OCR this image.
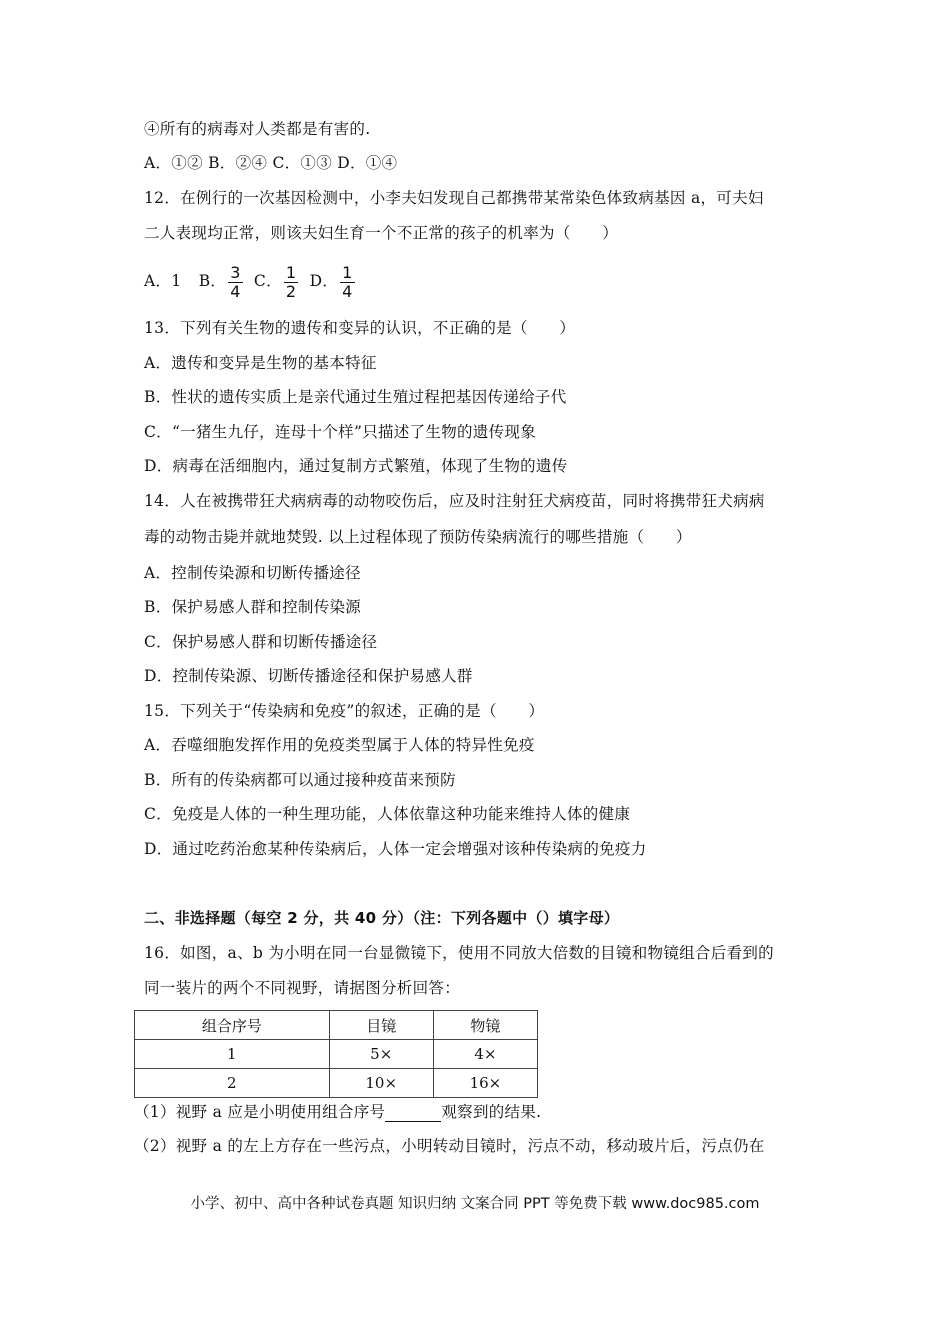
④所有的病毒对人类都是有害的.
A．①② B．②④ C．①③ D．①④
12．在例行的一次基因检测中，小李夫妇发现自己都携带某常染色体致病基因 a，可夫妇
二人表现均正常，则该夫妇生育一个不正常的孩子的机率为（　　）
A．1 B． $\frac{3}{4}$ C． $\frac{1}{2}$ D． $\frac{1}{4}$
13．下列有关生物的遗传和变异的认识，不正确的是（　　）
A．遗传和变异是生物的基本特征
B．性状的遗传实质上是亲代通过生殖过程把基因传递给子代
C．“一猪生九仔，连母十个样”只描述了生物的遗传现象
D．病毒在活细胞内，通过复制方式繁殖，体现了生物的遗传
14．人在被携带狂犬病病毒的动物咬伤后，应及时注射狂犬病疫苗，同时将携带狂犬病病
毒的动物击毙并就地焚毁. 以上过程体现了预防传染病流行的哪些措施（　　）
A．控制传染源和切断传播途径
B．保护易感人群和控制传染源
C．保护易感人群和切断传播途径
D．控制传染源、切断传播途径和保护易感人群
15．下列关于“传染病和免疫”的叙述，正确的是（　　）
A．吞噬细胞发挥作用的免疫类型属于人体的特异性免疫
B．所有的传染病都可以通过接种疫苗来预防
C．免疫是人体的一种生理功能，人体依靠这种功能来维持人体的健康
D．通过吃药治愈某种传染病后，人体一定会增强对该种传染病的免疫力
二、非选择题（每空 2 分，共 40 分）（注：下列各题中（）填字母）
16．如图，a、b 为小明在同一台显微镜下，使用不同放大倍数的目镜和物镜组合后看到的
同一装片的两个不同视野，请据图分析回答：
组合序号	目镜	物镜
1	5×	4×
2	10×	16×
（1）视野 a 应是小明使用组合序号	观察到的结果.
（2）视野 a 的左上方存在一些污点，小明转动目镜时，污点不动，移动玻片后，污点仍在
小学、初中、高中各种试卷真题 知识归纳 文案合同 PPT 等免费下载 www.doc985.com
